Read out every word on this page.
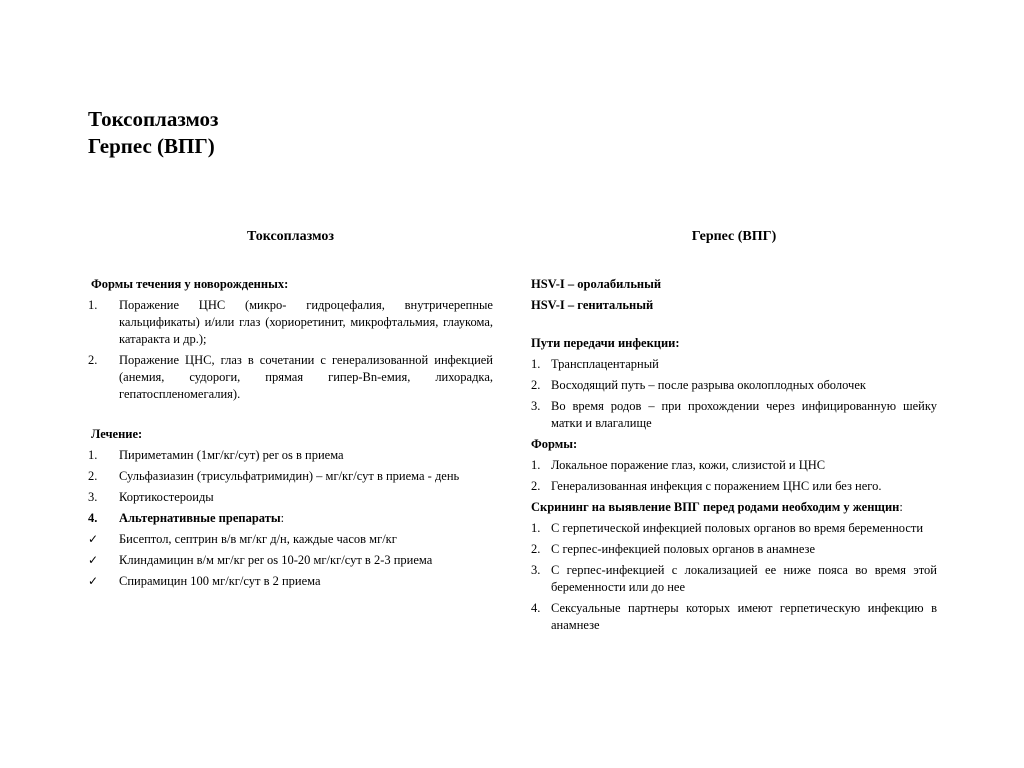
Токсоплазмоз
Герпес (ВПГ)
Токсоплазмоз
Формы течения у новорожденных:
1. Поражение ЦНС (микро- гидроцефалия, внутричерепные кальцификаты) и/или глаз (хориоретинит, микрофтальмия, глаукома, катаракта и др.);
2. Поражение ЦНС, глаз в сочетании с генерализованной инфекцией (анемия, судороги, прямая гипер-Bn-емия, лихорадка, гепатоспленомегалия).
Лечение:
1. Пириметамин (1мг/кг/сут) per os в приема
2. Сульфазиазин (трисульфатримидин) – мг/кг/сут в приема - день
3. Кортикостероиды
4. Альтернативные препараты:
✓ Бисептол, септрин в/в мг/кг д/н, каждые часов мг/кг
✓ Клиндамицин в/м мг/кг per os 10-20 мг/кг/сут в 2-3 приема
✓ Спирамицин 100 мг/кг/сут в 2 приема
Герпес (ВПГ)
HSV-I – оролабильный
HSV-I – генитальный
Пути передачи инфекции:
1. Трансплацентарный
2. Восходящий путь – после разрыва околоплодных оболочек
3. Во время родов – при прохождении через инфицированную шейку матки и влагалище
Формы:
1. Локальное поражение глаз, кожи, слизистой и ЦНС
2. Генерализованная инфекция с поражением ЦНС или без него.
Скрининг на выявление ВПГ перед родами необходим у женщин:
1. С герпетической инфекцией половых органов во время беременности
2. С герпес-инфекцией половых органов в анамнезе
3. С герпес-инфекцией с локализацией ее ниже пояса во время этой беременности или до нее
4. Сексуальные партнеры которых имеют герпетическую инфекцию в анамнезе
